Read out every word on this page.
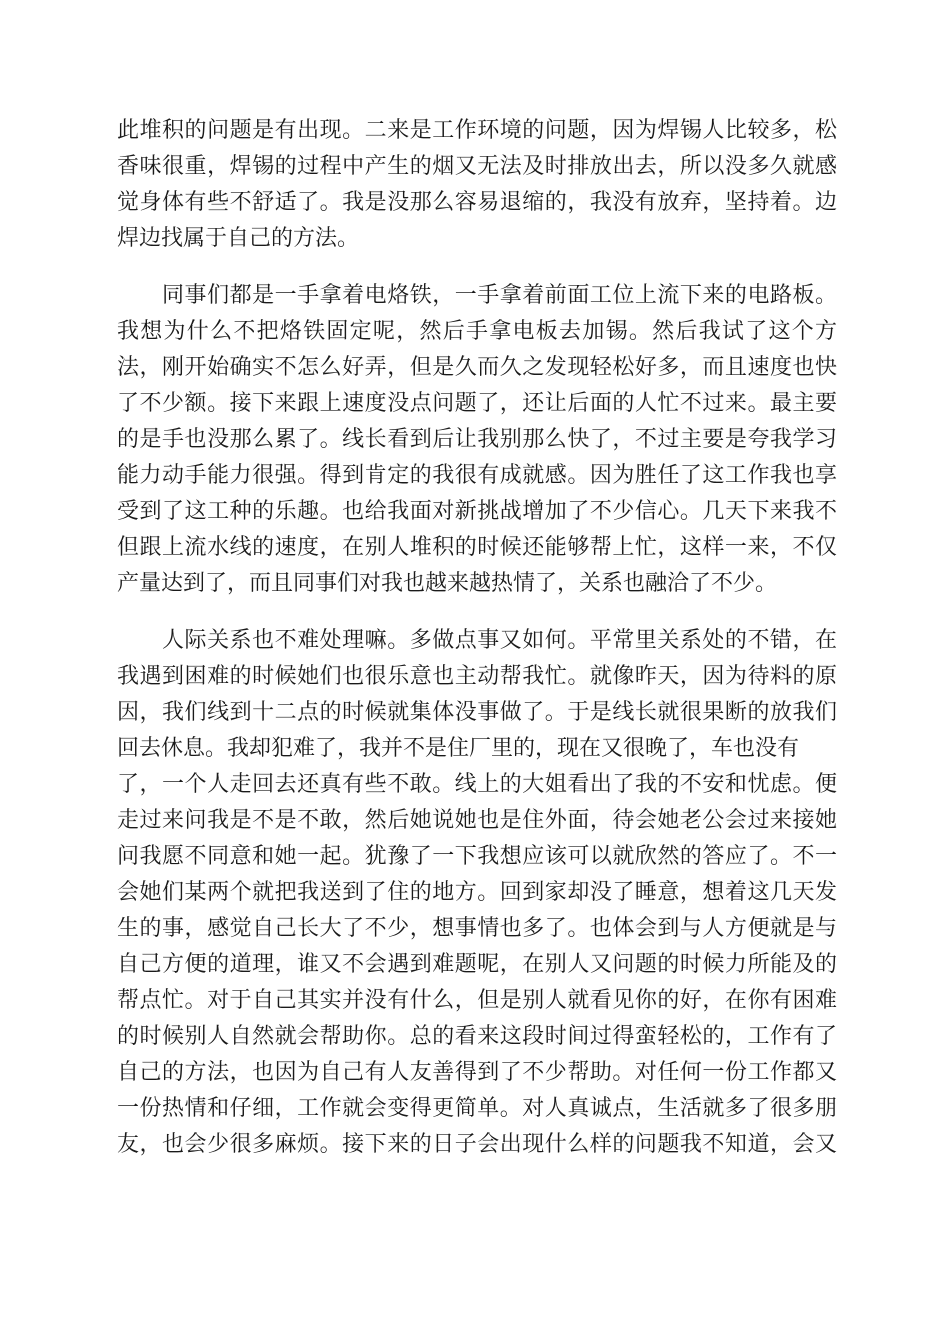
此堆积的问题是有出现。二来是工作环境的问题，因为焊锡人比较多，松
香味很重，焊锡的过程中产生的烟又无法及时排放出去，所以没多久就感
觉身体有些不舒适了。我是没那么容易退缩的，我没有放弃，坚持着。边
焊边找属于自己的方法。

　　同事们都是一手拿着电烙铁，一手拿着前面工位上流下来的电路板。
我想为什么不把烙铁固定呢，然后手拿电板去加锡。然后我试了这个方
法，刚开始确实不怎么好弄，但是久而久之发现轻松好多，而且速度也快
了不少额。接下来跟上速度没点问题了，还让后面的人忙不过来。最主要
的是手也没那么累了。线长看到后让我别那么快了，不过主要是夸我学习
能力动手能力很强。得到肯定的我很有成就感。因为胜任了这工作我也享
受到了这工种的乐趣。也给我面对新挑战增加了不少信心。几天下来我不
但跟上流水线的速度，在别人堆积的时候还能够帮上忙，这样一来，不仅
产量达到了，而且同事们对我也越来越热情了，关系也融洽了不少。

　　人际关系也不难处理嘛。多做点事又如何。平常里关系处的不错，在
我遇到困难的时候她们也很乐意也主动帮我忙。就像昨天，因为待料的原
因，我们线到十二点的时候就集体没事做了。于是线长就很果断的放我们
回去休息。我却犯难了，我并不是住厂里的，现在又很晚了，车也没有
了，一个人走回去还真有些不敢。线上的大姐看出了我的不安和忧虑。便
走过来问我是不是不敢，然后她说她也是住外面，待会她老公会过来接她
问我愿不同意和她一起。犹豫了一下我想应该可以就欣然的答应了。不一
会她们某两个就把我送到了住的地方。回到家却没了睡意，想着这几天发
生的事，感觉自己长大了不少，想事情也多了。也体会到与人方便就是与
自己方便的道理，谁又不会遇到难题呢，在别人又问题的时候力所能及的
帮点忙。对于自己其实并没有什么，但是别人就看见你的好，在你有困难
的时候别人自然就会帮助你。总的看来这段时间过得蛮轻松的，工作有了
自己的方法，也因为自己有人友善得到了不少帮助。对任何一份工作都又
一份热情和仔细，工作就会变得更简单。对人真诚点，生活就多了很多朋
友，也会少很多麻烦。接下来的日子会出现什么样的问题我不知道，会又
